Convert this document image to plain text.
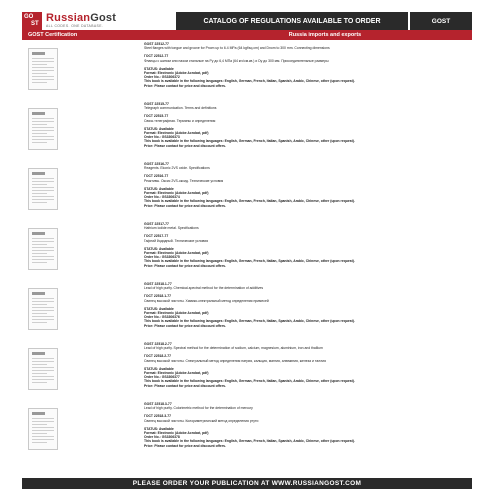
GO
ST RussianGost
ALL CODES. ONE DATABASE.
CATALOG OF REGULATIONS AVAILABLE TO ORDER	GOST
GOST Certification	Russia imports and exports
GOST 22512-77
Steel flanges with tongue and groove for Pnom up to 6.4 MPa (64 kgf/sq.cm) and Dnom to 300 mm. Connecting dimensions
ГОСТ 22512-77
Фланцы с шипом или пазом стальные на Py до 6,4 МПа (64 кгс/см.кв.) и Dy до 300 мм. Присоединительные размеры
STATUS: Available
Format: Electronic (Adobe Acrobat, pdf)
Order No.: GS3306372
This book is available in the following languages: English, German, French, Italian, Spanish, Arabic, Chinese, other (upon request).
Price: Please contact for price and discount offers.
GOST 22515-77
Telegraph communication. Terms and definitions
ГОСТ 22515-77
Связь телеграфная. Термины и определения
STATUS: Available
Format: Electronic (Adobe Acrobat, pdf)
Order No.: GS3306373
This book is available in the following languages: English, German, French, Italian, Spanish, Arabic, Chinese, other (upon request).
Price: Please contact for price and discount offers.
GOST 22516-77
Reagents. Ekonic 2VS oxide. Specifications
ГОСТ 22516-77
Реактивы. Оксис 2VS-оксид. Технические условия
STATUS: Available
Format: Electronic (Adobe Acrobat, pdf)
Order No.: GS3306374
This book is available in the following languages: English, German, French, Italian, Spanish, Arabic, Chinese, other (upon request).
Price: Please contact for price and discount offers.
GOST 22517-77
Hafnium iodide metal. Specifications
ГОСТ 22517-77
Гафний йодидный. Технические условия
STATUS: Available
Format: Electronic (Adobe Acrobat, pdf)
Order No.: GS3306375
This book is available in the following languages: English, German, French, Italian, Spanish, Arabic, Chinese, other (upon request).
Price: Please contact for price and discount offers.
GOST 22518.1-77
Lead of high purity. Chemical-spectral method for the determination of additives
ГОСТ 22518.1-77
Свинец высокой чистоты. Химико-спектральный метод определения примесей
STATUS: Available
Format: Electronic (Adobe Acrobat, pdf)
Order No.: GS3306376
This book is available in the following languages: English, German, French, Italian, Spanish, Arabic, Chinese, other (upon request).
Price: Please contact for price and discount offers.
GOST 22518.2-77
Lead of high purity. Spectral method for the determination of sodium, calcium, magnesium, aluminium, iron and thallium
ГОСТ 22518.2-77
Свинец высокой чистоты. Спектральный метод определения натрия, кальция, магния, алюминия, железа и таллия
STATUS: Available
Format: Electronic (Adobe Acrobat, pdf)
Order No.: GS3306377
This book is available in the following languages: English, German, French, Italian, Spanish, Arabic, Chinese, other (upon request).
Price: Please contact for price and discount offers.
GOST 22518.3-77
Lead of high purity. Colorimetric method for the determination of mercury
ГОСТ 22518.3-77
Свинец высокой чистоты. Колориметрический метод определения ртути
STATUS: Available
Format: Electronic (Adobe Acrobat, pdf)
Order No.: GS3306378
This book is available in the following languages: English, German, French, Italian, Spanish, Arabic, Chinese, other (upon request).
Price: Please contact for price and discount offers.
PLEASE ORDER YOUR PUBLICATION AT WWW.RUSSIANGOST.COM
